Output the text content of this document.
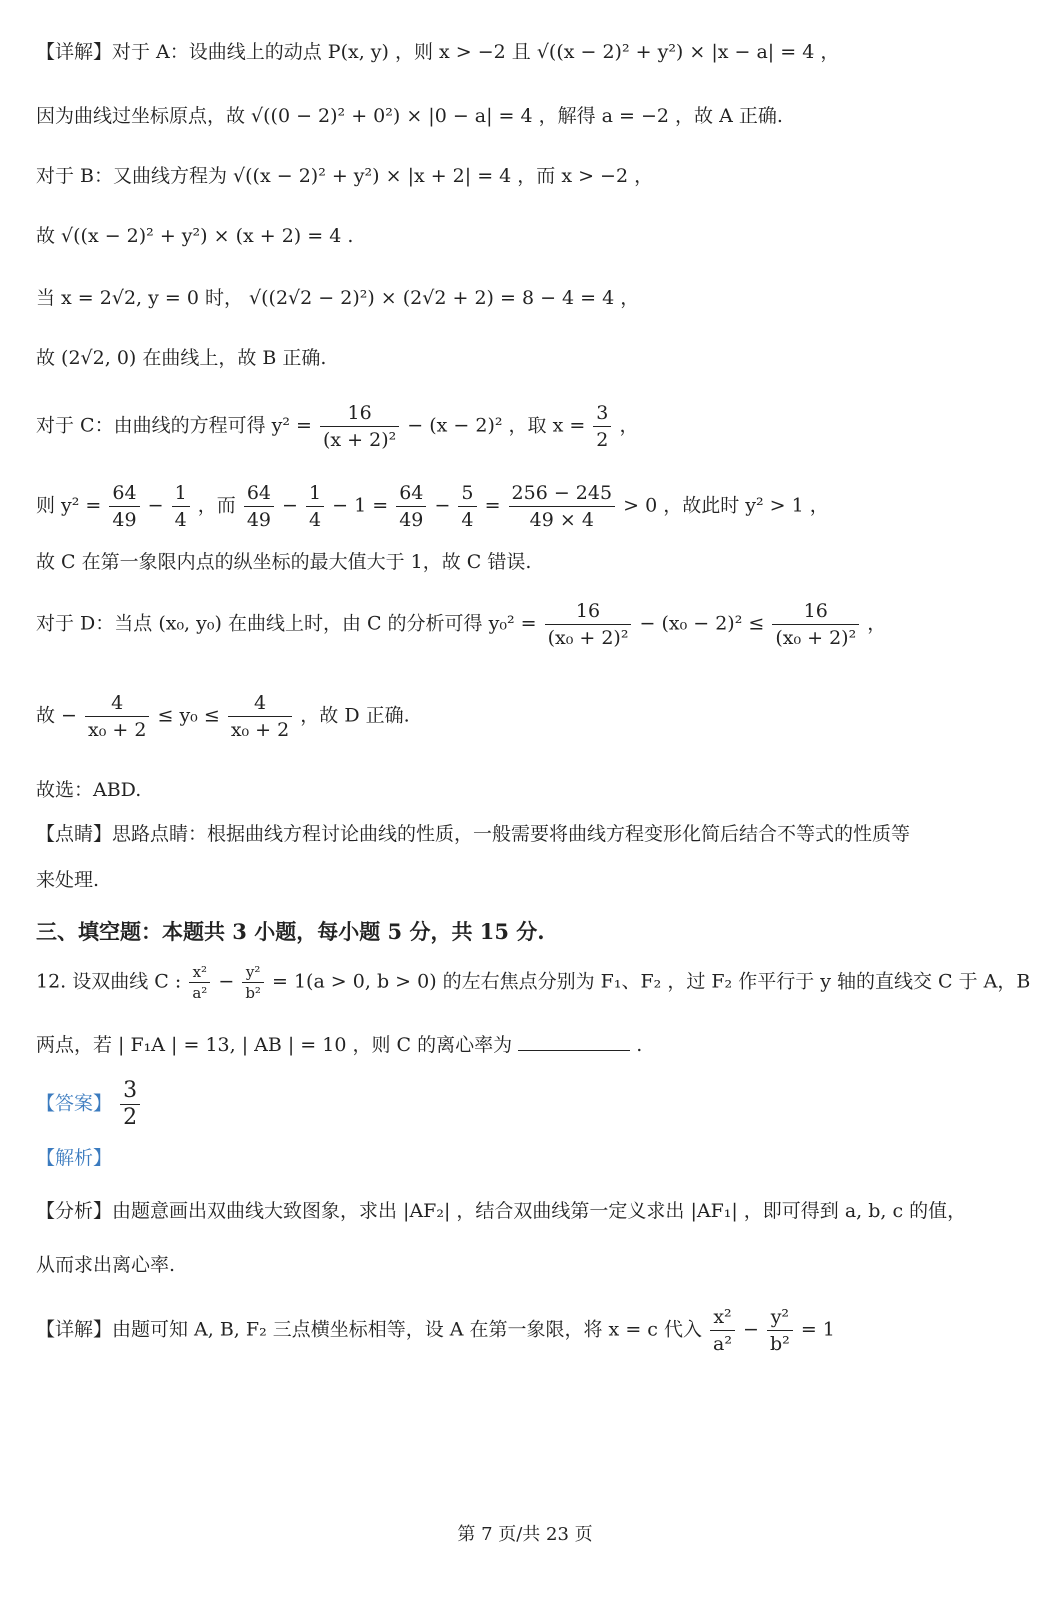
【详解】对于 A：设曲线上的动点 P(x, y) ，则 x > −2 且 √((x − 2)² + y²) × |x − a| = 4 ，
因为曲线过坐标原点，故 √((0 − 2)² + 0²) × |0 − a| = 4 ，解得 a = −2 ，故 A 正确.
对于 B：又曲线方程为 √((x − 2)² + y²) × |x + 2| = 4 ，而 x > −2 ，
故 √((x − 2)² + y²) × (x + 2) = 4 .
当 x = 2√2, y = 0 时， √((2√2 − 2)²) × (2√2 + 2) = 8 − 4 = 4 ，
故 (2√2, 0) 在曲线上，故 B 正确.
对于 C：由曲线的方程可得 $y^2 = \frac{16}{\text{(x + 2)²}} - (x - 2)^2$ ，取 $x = \frac{3}{2}$ ，
则 $y^2 = \frac{64}{49} - \frac{1}{4}$ ，而 $\frac{64}{49} - \frac{1}{4} - 1 = \frac{64}{49} - \frac{5}{4} = \frac{256 - 245}{49 \times 4} > 0$ ，故此时 y² > 1 ，
故 C 在第一象限内点的纵坐标的最大值大于 1，故 C 错误.
对于 D：当点 (x₀, y₀) 在曲线上时，由 C 的分析可得 $y_0^2 = \frac{16}{\text{(x₀ + 2)²}} - (x_0 - 2)^2 \le \frac{16}{\text{(x₀ + 2)²}}$ ，
故 − $\frac{4}{\text{x₀ + 2}} \le y_0 \le \frac{4}{\text{x₀ + 2}}$ ，故 D 正确.
故选：ABD.
【点睛】思路点睛：根据曲线方程讨论曲线的性质，一般需要将曲线方程变形化简后结合不等式的性质等
来处理.
三、填空题：本题共 3 小题，每小题 5 分，共 15 分.
12. 设双曲线 C : $\frac{\text{x²}}{\text{a²}} - \frac{\text{y²}}{\text{b²}} = 1(a > 0$, b > 0) 的左右焦点分别为 F₁、F₂ ，过 F₂ 作平行于 y 轴的直线交 C 于 A，B
两点，若 | F₁A | = 13, | AB | = 10 ，则 C 的离心率为	.
【答案】 $\frac{3}{2}$
【解析】
【分析】由题意画出双曲线大致图象，求出 |AF₂| ，结合双曲线第一定义求出 |AF₁| ，即可得到 a, b, c 的值，
从而求出离心率.
【详解】由题可知 A, B, F₂ 三点横坐标相等，设 A 在第一象限，将 x = c 代入 $\frac{\text{x²}}{\text{a²}} - \frac{\text{y²}}{\text{b²}} = 1$
第 7 页/共 23 页
